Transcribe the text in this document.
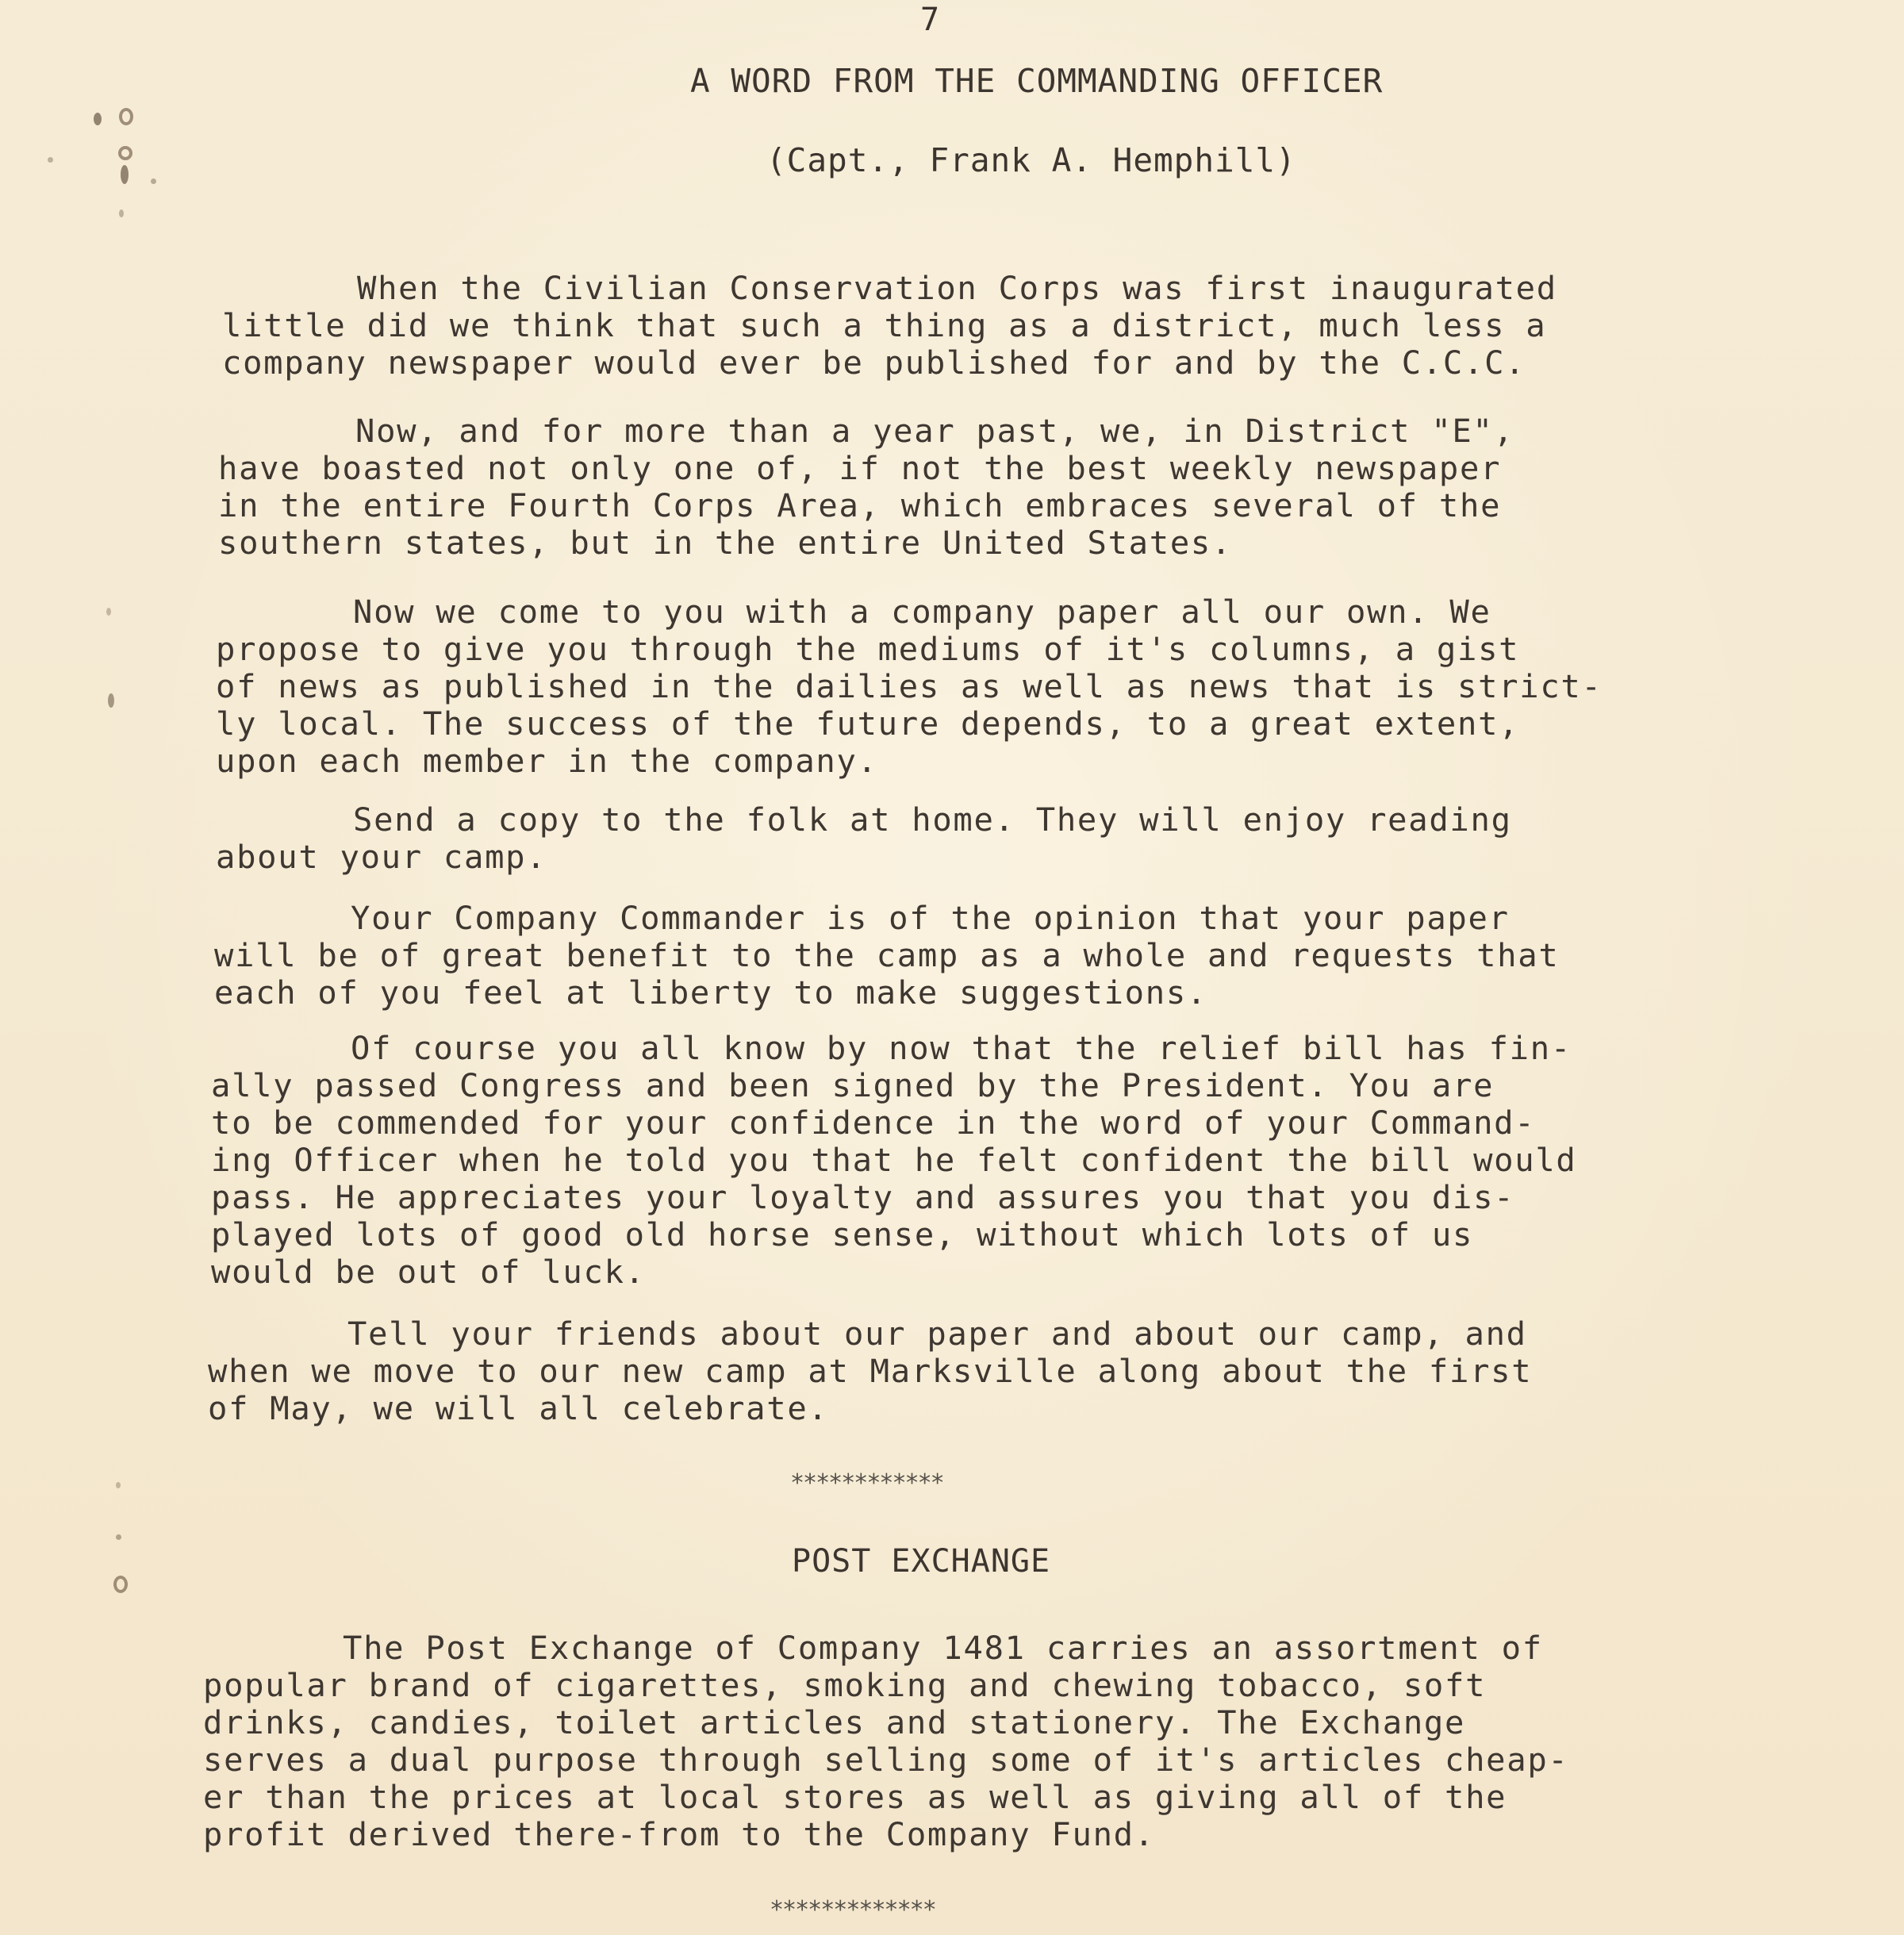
7
A WORD FROM THE COMMANDING OFFICER
(Capt., Frank A. Hemphill)

When the Civilian Conservation Corps was first inaugurated
little did we think that such a thing as a district, much less a
company newspaper would ever be published for and by the C.C.C.

Now, and for more than a year past, we, in District "E",
have boasted not only one of, if not the best weekly newspaper
in the entire Fourth Corps Area, which embraces several of the
southern states, but in the entire United States.

Now we come to you with a company paper all our own. We
propose to give you through the mediums of it's columns, a gist
of news as published in the dailies as well as news that is strict-
ly local. The success of the future depends, to a great extent,
upon each member in the company.

Send a copy to the folk at home. They will enjoy reading
about your camp.

Your Company Commander is of the opinion that your paper
will be of great benefit to the camp as a whole and requests that
each of you feel at liberty to make suggestions.

Of course you all know by now that the relief bill has fin-
ally passed Congress and been signed by the President. You are
to be commended for your confidence in the word of your Command-
ing Officer when he told you that he felt confident the bill would
pass. He appreciates your loyalty and assures you that you dis-
played lots of good old horse sense, without which lots of us
would be out of luck.

Tell your friends about our paper and about our camp, and
when we move to our new camp at Marksville along about the first
of May, we will all celebrate.

************
POST EXCHANGE

The Post Exchange of Company 1481 carries an assortment of
popular brand of cigarettes, smoking and chewing tobacco, soft
drinks, candies, toilet articles and stationery. The Exchange
serves a dual purpose through selling some of it's articles cheap-
er than the prices at local stores as well as giving all of the
profit derived there-from to the Company Fund.

*************
